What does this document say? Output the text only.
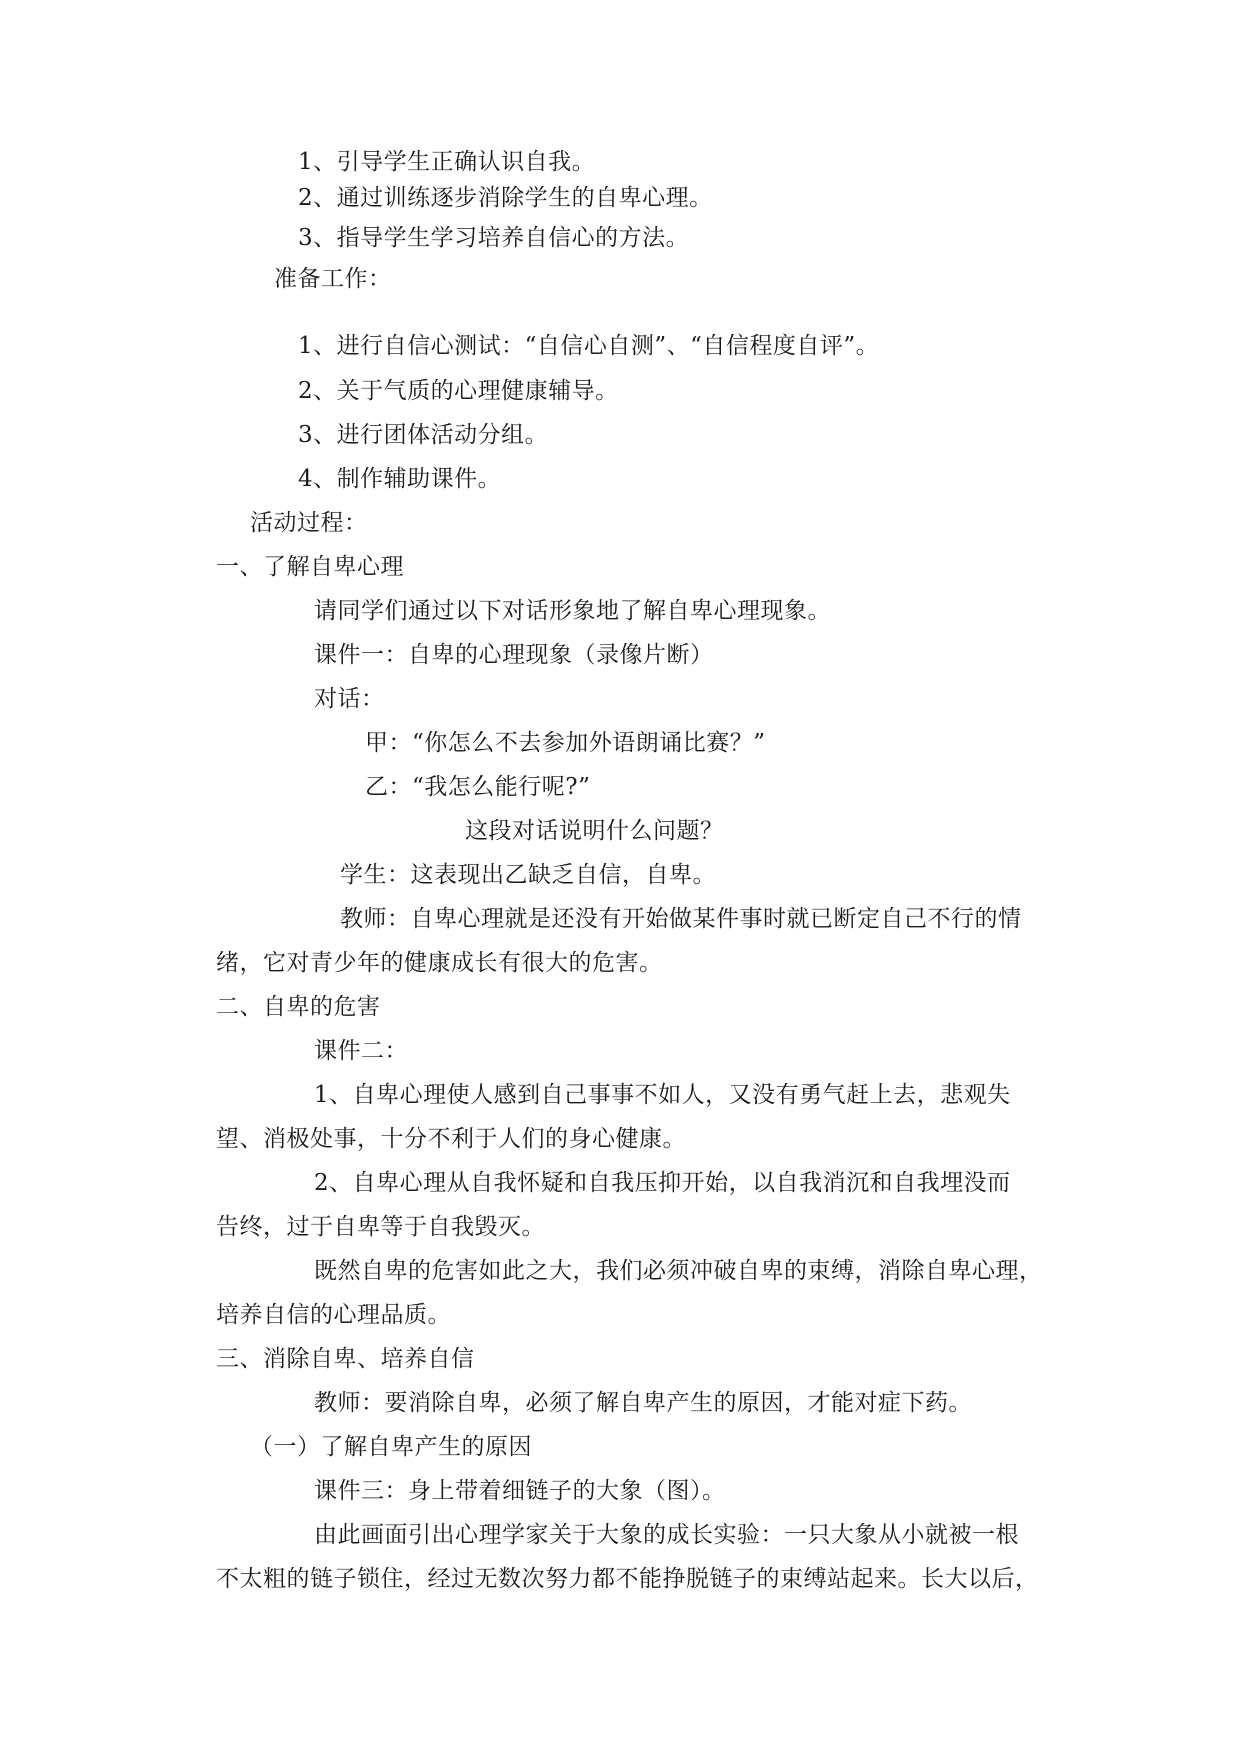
1、引导学生正确认识自我。
2、通过训练逐步消除学生的自卑心理。
3、指导学生学习培养自信心的方法。
准备工作：
1、进行自信心测试：“自信心自测”、“自信程度自评”。
2、关于气质的心理健康辅导。
3、进行团体活动分组。
4、制作辅助课件。
活动过程：
一、了解自卑心理
请同学们通过以下对话形象地了解自卑心理现象。
课件一：自卑的心理现象（录像片断）
对话：
甲：“你怎么不去参加外语朗诵比赛？”
乙：“我怎么能行呢?”
这段对话说明什么问题？
学生：这表现出乙缺乏自信，自卑。
教师：自卑心理就是还没有开始做某件事时就已断定自己不行的情
绪，它对青少年的健康成长有很大的危害。
二、自卑的危害
课件二：
1、自卑心理使人感到自己事事不如人，又没有勇气赶上去，悲观失
望、消极处事，十分不利于人们的身心健康。
2、自卑心理从自我怀疑和自我压抑开始，以自我消沉和自我埋没而
告终，过于自卑等于自我毁灭。
既然自卑的危害如此之大，我们必须冲破自卑的束缚，消除自卑心理，
培养自信的心理品质。
三、消除自卑、培养自信
教师：要消除自卑，必须了解自卑产生的原因，才能对症下药。
（一）了解自卑产生的原因
课件三：身上带着细链子的大象（图）。
由此画面引出心理学家关于大象的成长实验：一只大象从小就被一根
不太粗的链子锁住，经过无数次努力都不能挣脱链子的束缚站起来。长大以后，
